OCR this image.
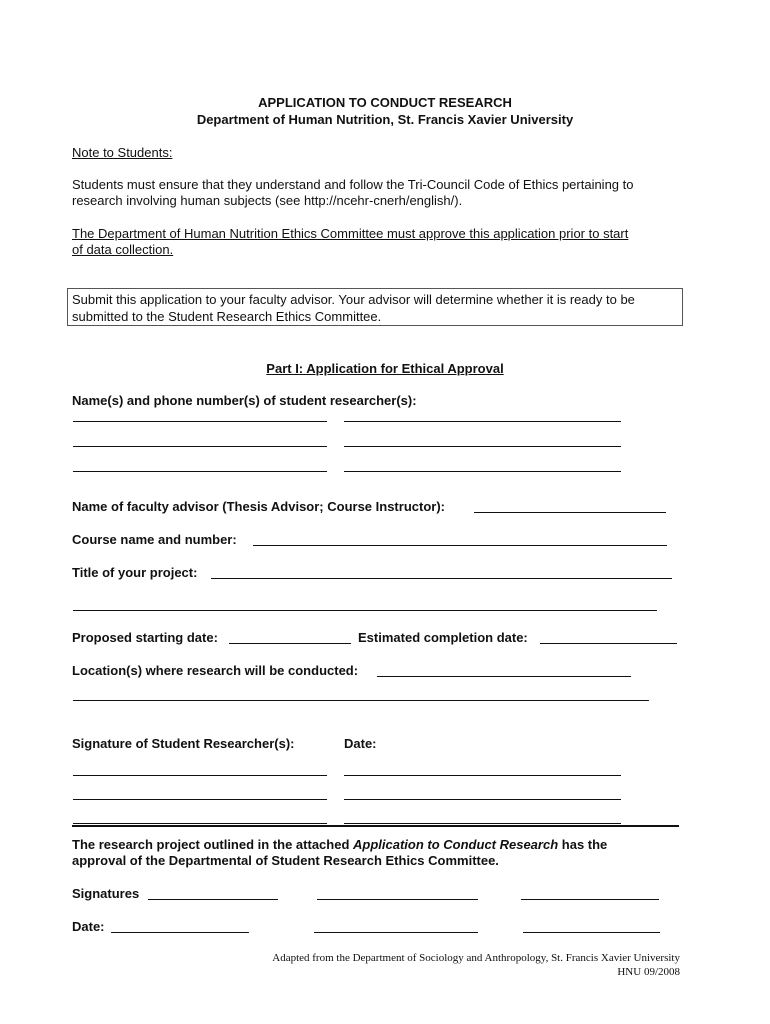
APPLICATION TO CONDUCT RESEARCH
Department of Human Nutrition, St. Francis Xavier University
Note to Students:
Students must ensure that they understand and follow the Tri-Council Code of Ethics pertaining to
research involving human subjects (see http://ncehr-cnerh/english/).
The Department of Human Nutrition Ethics Committee must approve this application prior to start
of data collection.
Submit this application to your faculty advisor. Your advisor will determine whether it is ready to be
submitted to the Student Research Ethics Committee.
Part I: Application for Ethical Approval
Name(s) and phone number(s) of student researcher(s):
Name of faculty advisor (Thesis Advisor; Course Instructor):
Course name and number:
Title of your project:
Proposed starting date:	Estimated completion date:
Location(s) where research will be conducted:
Signature of Student Researcher(s):	Date:
The research project outlined in the attached Application to Conduct Research has the
approval of the Departmental of Student Research Ethics Committee.
Signatures
Date:
Adapted from the Department of Sociology and Anthropology, St. Francis Xavier University
HNU 09/2008
